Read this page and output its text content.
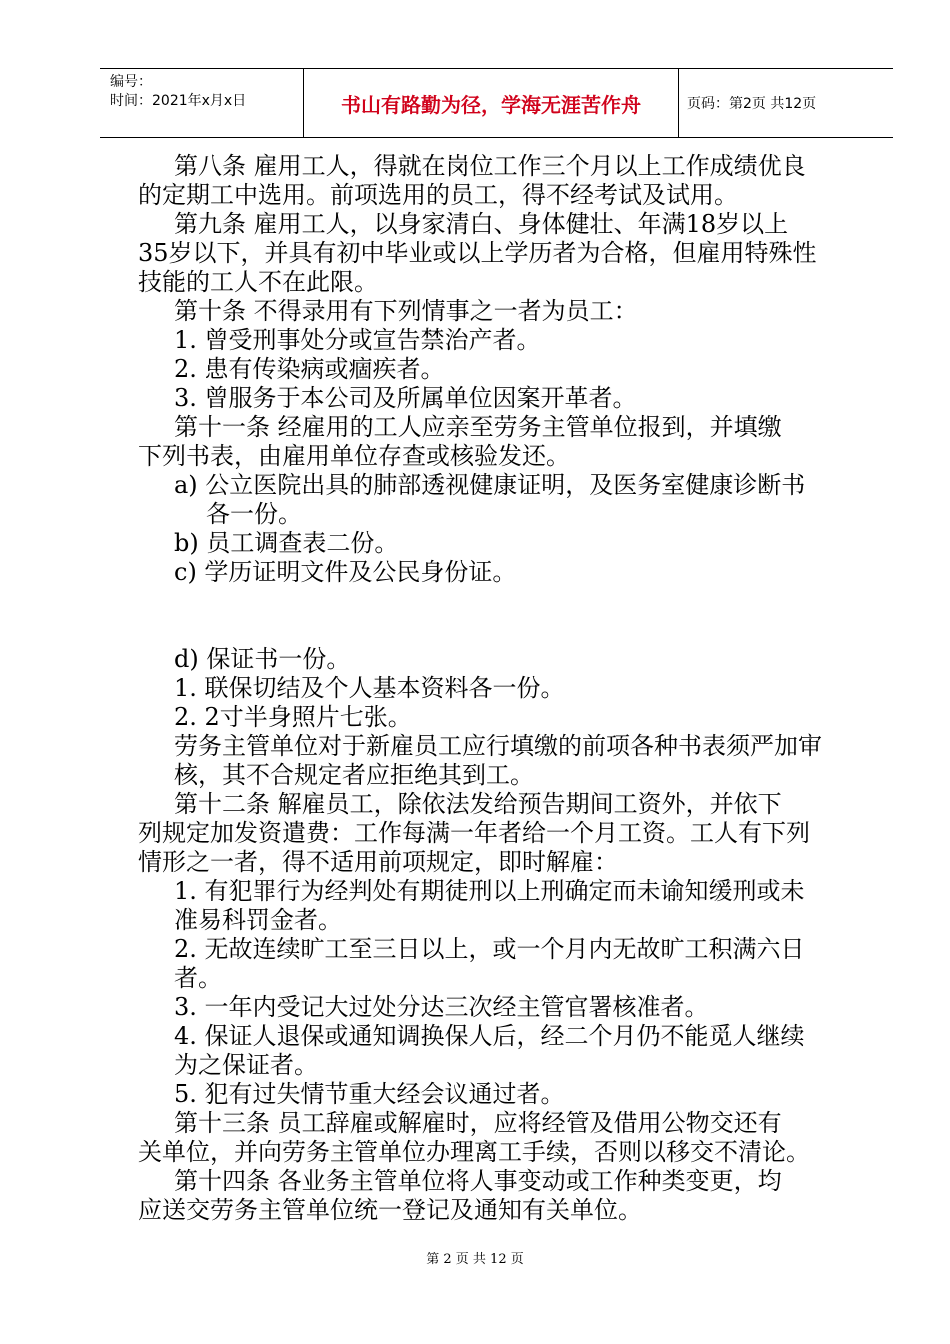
编号：
时间：2021年x月x日	书山有路勤为径，学海无涯苦作舟	页码：第2页 共12页

第八条 雇用工人，得就在岗位工作三个月以上工作成绩优良

的定期工中选用。前项选用的员工，得不经考试及试用。

第九条 雇用工人，以身家清白、身体健壮、年满18岁以上

35岁以下，并具有初中毕业或以上学历者为合格，但雇用特殊性

技能的工人不在此限。

第十条 不得录用有下列情事之一者为员工：

1. 曾受刑事处分或宣告禁治产者。

2. 患有传染病或痼疾者。

3. 曾服务于本公司及所属单位因案开革者。

第十一条 经雇用的工人应亲至劳务主管单位报到，并填缴

下列书表，由雇用单位存查或核验发还。

a) 公立医院出具的肺部透视健康证明，及医务室健康诊断书

各一份。

b) 员工调查表二份。

c) 学历证明文件及公民身份证。

d) 保证书一份。

1. 联保切结及个人基本资料各一份。

2. 2寸半身照片七张。

劳务主管单位对于新雇员工应行填缴的前项各种书表须严加审

核，其不合规定者应拒绝其到工。

第十二条 解雇员工，除依法发给预告期间工资外，并依下

列规定加发资遣费：工作每满一年者给一个月工资。工人有下列

情形之一者，得不适用前项规定，即时解雇：

1. 有犯罪行为经判处有期徒刑以上刑确定而未谕知缓刑或未

准易科罚金者。

2. 无故连续旷工至三日以上，或一个月内无故旷工积满六日

者。

3. 一年内受记大过处分达三次经主管官署核准者。

4. 保证人退保或通知调换保人后，经二个月仍不能觅人继续

为之保证者。

5. 犯有过失情节重大经会议通过者。

第十三条 员工辞雇或解雇时，应将经管及借用公物交还有

关单位，并向劳务主管单位办理离工手续，否则以移交不清论。

第十四条 各业务主管单位将人事变动或工作种类变更，均

应送交劳务主管单位统一登记及通知有关单位。

第 2 页 共 12 页
